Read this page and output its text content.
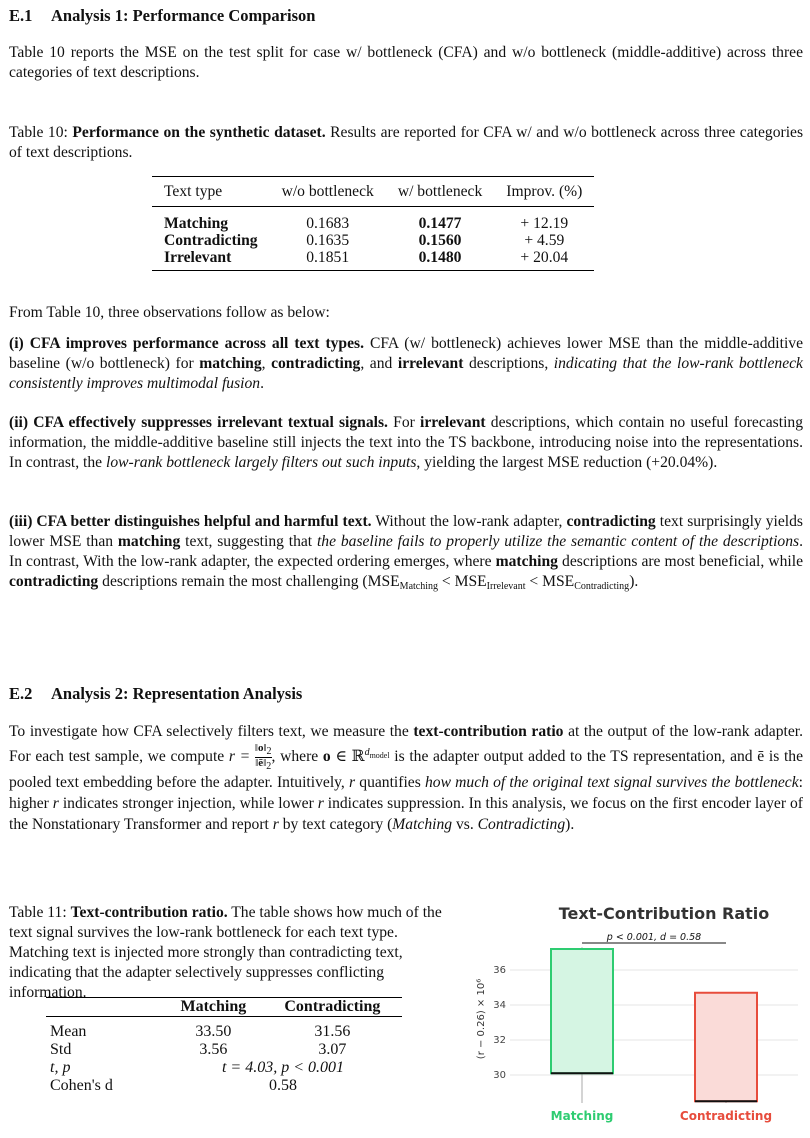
E.1 Analysis 1: Performance Comparison

Table 10 reports the MSE on the test split for case w/ bottleneck (CFA) and w/o bottleneck (middle-additive) across three categories of text descriptions.

Table 10: Performance on the synthetic dataset. Results are reported for CFA w/ and w/o bottleneck across three categories of text descriptions.

Text type	w/o bottleneck	w/ bottleneck	Improv. (%)
Matching	0.1683	0.1477	+ 12.19
Contradicting	0.1635	0.1560	+ 4.59
Irrelevant	0.1851	0.1480	+ 20.04

From Table 10, three observations follow as below:

(i) CFA improves performance across all text types. CFA (w/ bottleneck) achieves lower MSE than the middle-additive baseline (w/o bottleneck) for matching, contradicting, and irrelevant descriptions, indicating that the low-rank bottleneck consistently improves multimodal fusion.

(ii) CFA effectively suppresses irrelevant textual signals. For irrelevant descriptions, which contain no useful forecasting information, the middle-additive baseline still injects the text into the TS backbone, introducing noise into the representations. In contrast, the low-rank bottleneck largely filters out such inputs, yielding the largest MSE reduction (+20.04%).

(iii) CFA better distinguishes helpful and harmful text. Without the low-rank adapter, contradicting text surprisingly yields lower MSE than matching text, suggesting that the baseline fails to properly utilize the semantic content of the descriptions. In contrast, With the low-rank adapter, the expected ordering emerges, where matching descriptions are most beneficial, while contradicting descriptions remain the most challenging $(MSE_{Matching} < MSE_{Irrelevant} < MSE_{Contradicting})$.

E.2 Analysis 2: Representation Analysis

To investigate how CFA selectively filters text, we measure the text-contribution ratio at the output of the low-rank adapter. For each test sample, we compute $r = \frac{‖o‖_2}{‖ē‖_2}$ , where o ∈ ℝ$^{d_{model}}$ is the adapter output added to the TS representation, and ē is the pooled text embedding before the adapter. Intuitively, r quantifies how much of the original text signal survives the bottleneck: higher r indicates stronger injection, while lower r indicates suppression. In this analysis, we focus on the first encoder layer of the Nonstationary Transformer and report r by text category (Matching vs. Contradicting).

Table 11: Text-contribution ratio. The table shows how much of the text signal survives the low-rank bottleneck for each text type. Matching text is injected more strongly than contradicting text, indicating that the adapter selectively suppresses conflicting information.

	Matching	Contradicting
Mean	33.50	31.56
Std	3.56	3.07
t, p	t = 4.03, p < 0.001	
Cohen's d	0.58	
Text-Contribution Ratio
30
32
34
36
(r − 0.26) × 10⁶
Matching	Contradicting
p < 0.001, d = 0.58
